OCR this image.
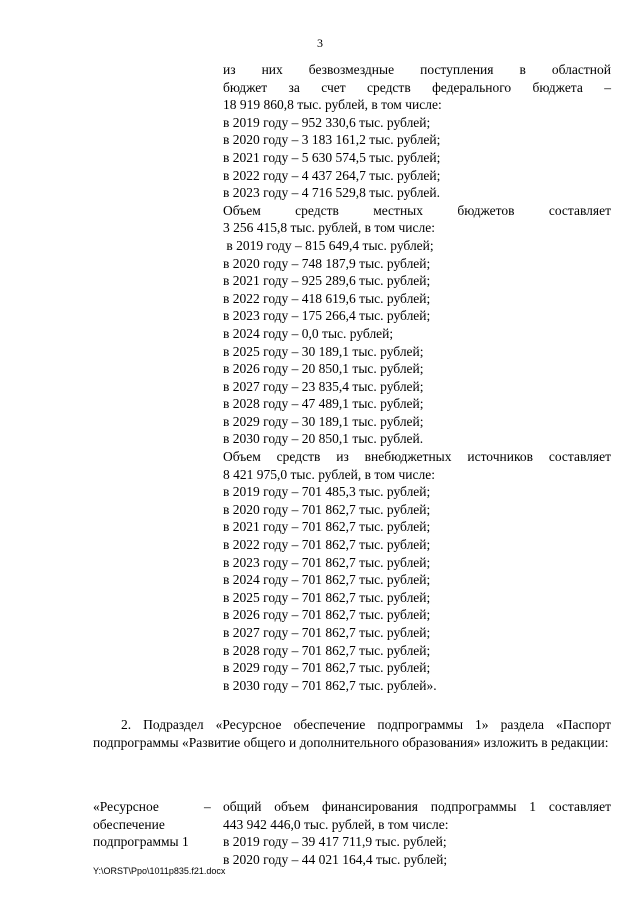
3
из них безвозмездные поступления в областной
бюджет за счет средств федерального бюджета –
18 919 860,8 тыс. рублей, в том числе:
в 2019 году – 952 330,6 тыс. рублей;
в 2020 году – 3 183 161,2 тыс. рублей;
в 2021 году – 5 630 574,5 тыс. рублей;
в 2022 году – 4 437 264,7 тыс. рублей;
в 2023 году – 4 716 529,8 тыс. рублей.
Объем средств местных бюджетов составляет
3 256 415,8 тыс. рублей, в том числе:
в 2019 году – 815 649,4 тыс. рублей;
в 2020 году – 748 187,9 тыс. рублей;
в 2021 году – 925 289,6 тыс. рублей;
в 2022 году – 418 619,6 тыс. рублей;
в 2023 году – 175 266,4 тыс. рублей;
в 2024 году – 0,0 тыс. рублей;
в 2025 году – 30 189,1 тыс. рублей;
в 2026 году – 20 850,1 тыс. рублей;
в 2027 году – 23 835,4 тыс. рублей;
в 2028 году – 47 489,1 тыс. рублей;
в 2029 году – 30 189,1 тыс. рублей;
в 2030 году – 20 850,1 тыс. рублей.
Объем средств из внебюджетных источников составляет
8 421 975,0 тыс. рублей, в том числе:
в 2019 году – 701 485,3 тыс. рублей;
в 2020 году – 701 862,7 тыс. рублей;
в 2021 году – 701 862,7 тыс. рублей;
в 2022 году – 701 862,7 тыс. рублей;
в 2023 году – 701 862,7 тыс. рублей;
в 2024 году – 701 862,7 тыс. рублей;
в 2025 году – 701 862,7 тыс. рублей;
в 2026 году – 701 862,7 тыс. рублей;
в 2027 году – 701 862,7 тыс. рублей;
в 2028 году – 701 862,7 тыс. рублей;
в 2029 году – 701 862,7 тыс. рублей;
в 2030 году – 701 862,7 тыс. рублей».
2. Подраздел «Ресурсное обеспечение подпрограммы 1» раздела «Паспорт подпрограммы «Развитие общего и дополнительного образования» изложить в редакции:
«Ресурсное
обеспечение
подпрограммы 1
– общий объем финансирования подпрограммы 1 составляет
443 942 446,0 тыс. рублей, в том числе:
в 2019 году – 39 417 711,9 тыс. рублей;
в 2020 году – 44 021 164,4 тыс. рублей;
Y:\ORST\Ppo\1011p835.f21.docx
